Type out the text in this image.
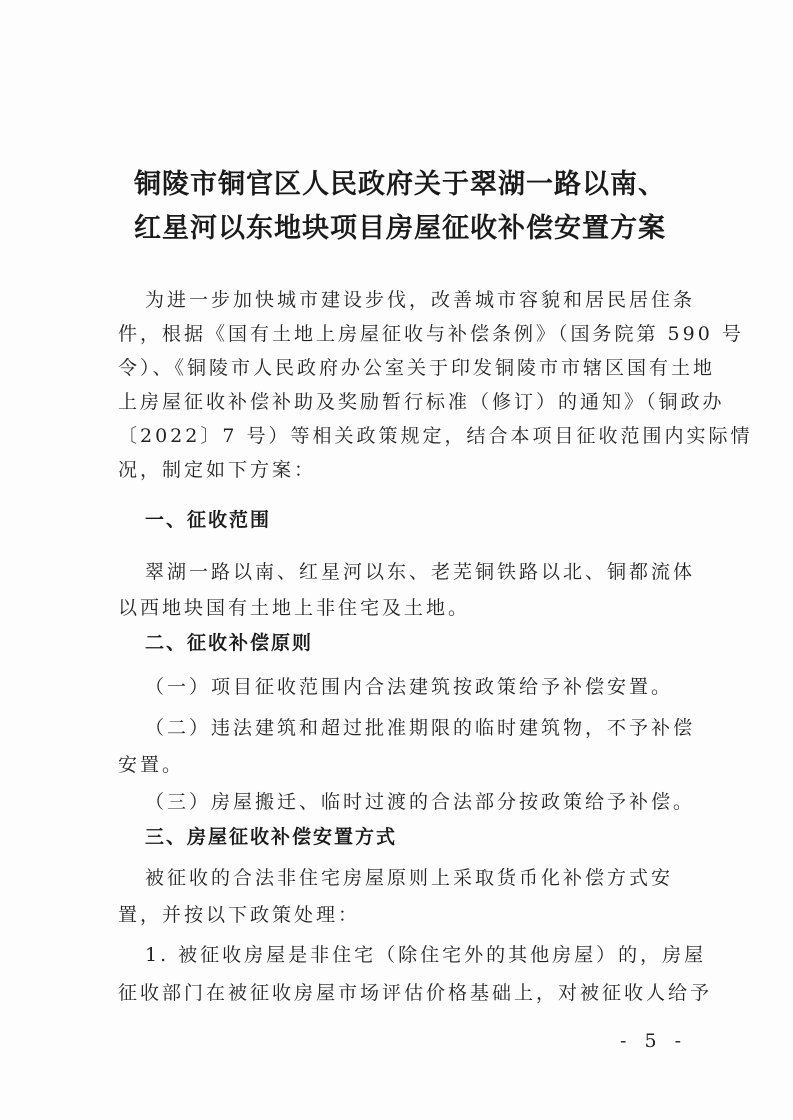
铜陵市铜官区人民政府关于翠湖一路以南、
红星河以东地块项目房屋征收补偿安置方案
为进一步加快城市建设步伐，改善城市容貌和居民居住条
件，根据《国有土地上房屋征收与补偿条例》（国务院第 590 号
令）、《铜陵市人民政府办公室关于印发铜陵市市辖区国有土地
上房屋征收补偿补助及奖励暂行标准（修订）的通知》（铜政办
〔2022〕7 号）等相关政策规定，结合本项目征收范围内实际情
况，制定如下方案：
一、征收范围
翠湖一路以南、红星河以东、老芜铜铁路以北、铜都流体
以西地块国有土地上非住宅及土地。
二、征收补偿原则
（一）项目征收范围内合法建筑按政策给予补偿安置。
（二）违法建筑和超过批准期限的临时建筑物，不予补偿
安置。
（三）房屋搬迁、临时过渡的合法部分按政策给予补偿。
三、房屋征收补偿安置方式
被征收的合法非住宅房屋原则上采取货币化补偿方式安
置，并按以下政策处理：
1. 被征收房屋是非住宅（除住宅外的其他房屋）的，房屋
征收部门在被征收房屋市场评估价格基础上，对被征收人给予
- 5 -
